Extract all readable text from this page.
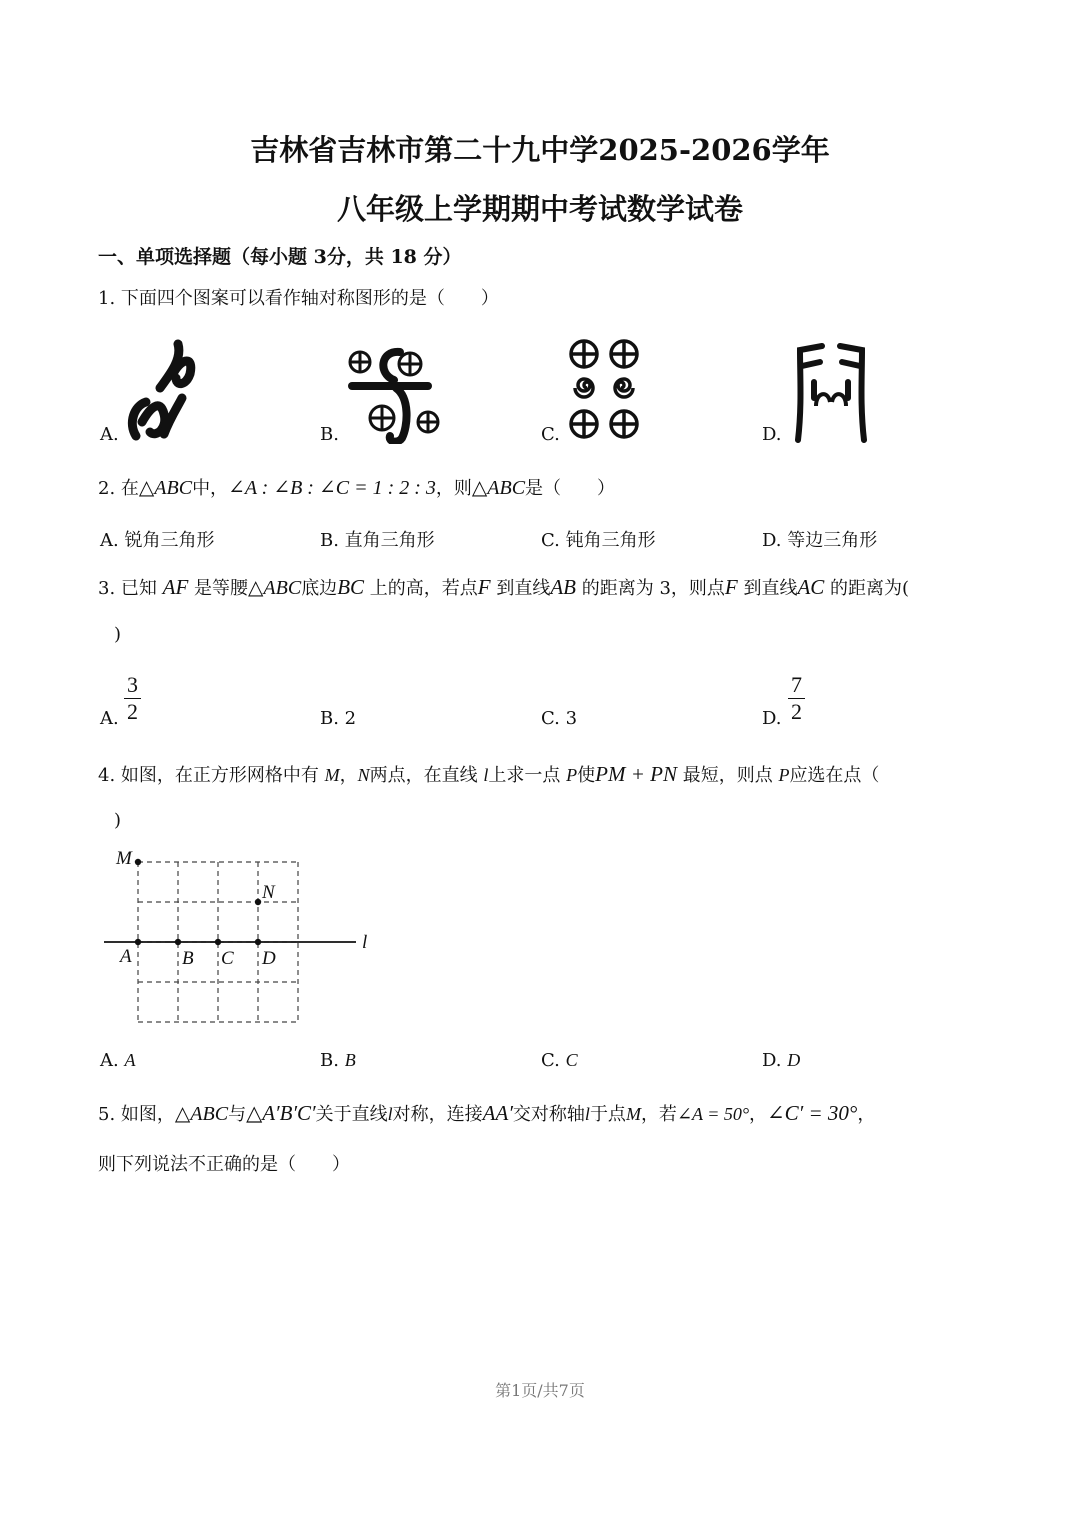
吉林省吉林市第二十九中学2025-2026学年
八年级上学期期中考试数学试卷
一、单项选择题（每小题 3分，共 18 分）
1. 下面四个图案可以看作轴对称图形的是（　　）
A.	B.	C.	D.
2. 在△ABC中，∠A : ∠B : ∠C = 1 : 2 : 3，则△ABC是（　　）
A. 锐角三角形	B. 直角三角形	C. 钝角三角形	D. 等边三角形
3. 已知 AF 是等腰△ABC底边BC 上的高，若点F 到直线AB 的距离为 3，则点F 到直线AC 的距离为(
)
A. $\frac{3}{2}$	B. 2	C. 3	D. $\frac{7}{2}$
4. 如图，在正方形网格中有 M，N两点，在直线 l上求一点 P使PM + PN 最短，则点 P应选在点（
)
M
N
A	B C D
l
A. A	B. B	C. C	D. D
5. 如图，△ABC与△A′B′C′关于直线l对称，连接AA′交对称轴l于点M，若∠A = 50°，∠C′ = 30°，
则下列说法不正确的是（　　）
第1页/共7页
